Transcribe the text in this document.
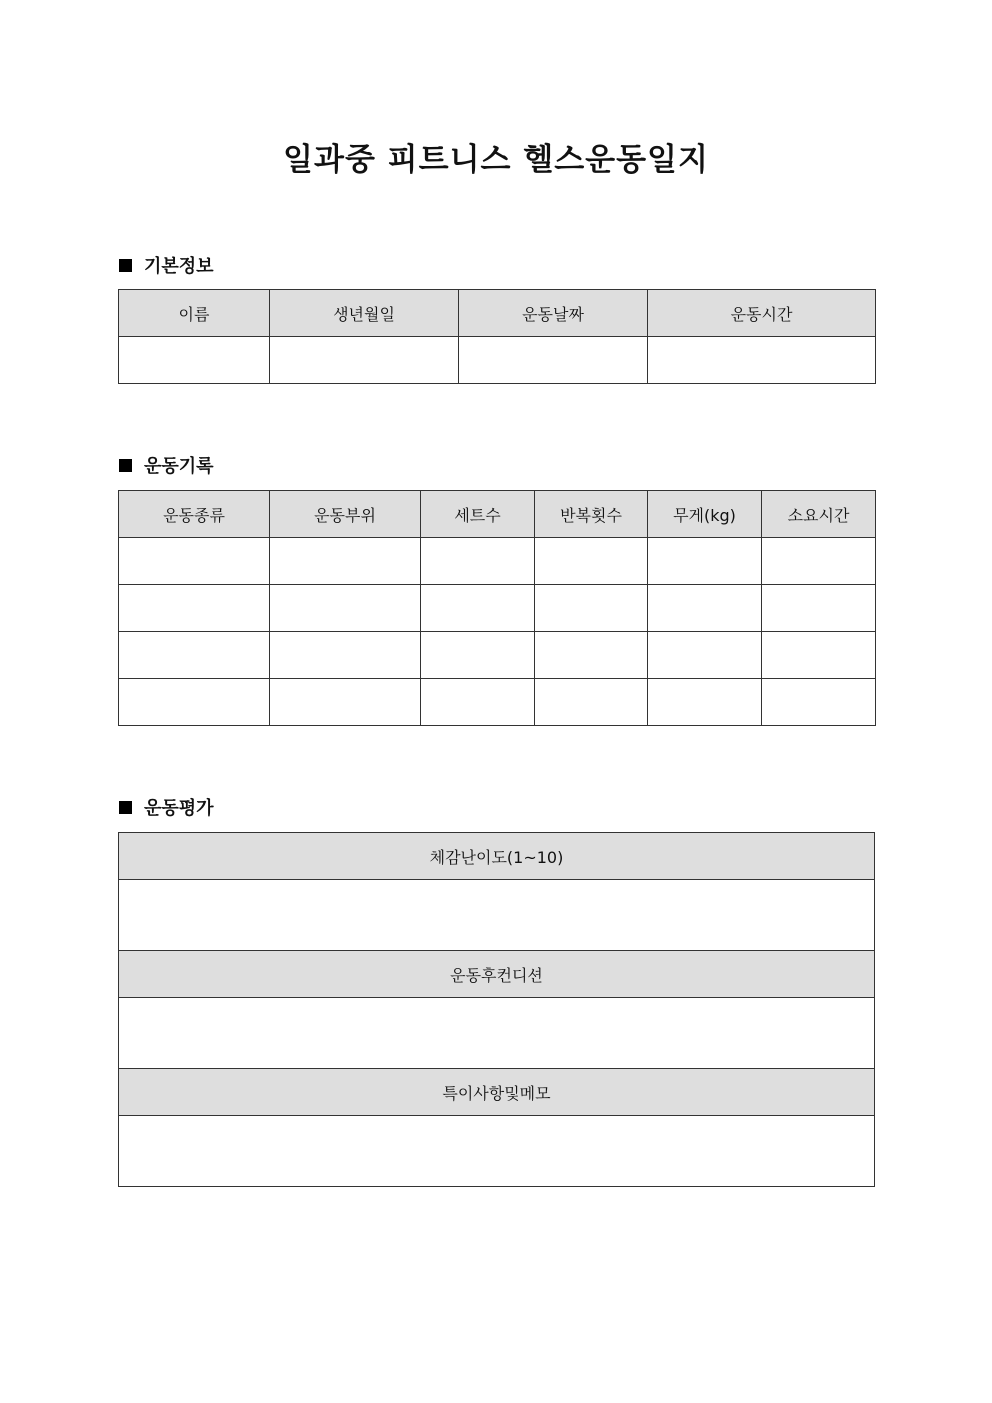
일과중 피트니스 헬스운동일지
기본정보
이름	생년월일	운동날짜	운동시간

운동기록
운동종류	운동부위	세트수	반복횟수	무게(kg)	소요시간

운동평가
체감난이도(1~10)

운동후컨디션

특이사항및메모
